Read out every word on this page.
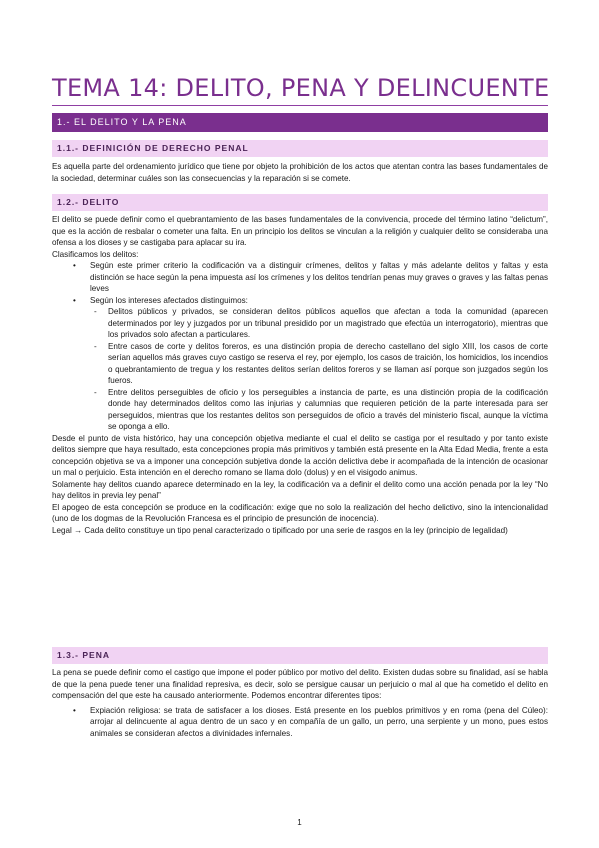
TEMA 14: DELITO, PENA Y DELINCUENTE
1.- EL DELITO Y LA PENA
1.1.- DEFINICIÓN DE DERECHO PENAL

Es aquella parte del ordenamiento jurídico que tiene por objeto la prohibición de los actos que atentan contra las bases fundamentales de la sociedad, determinar cuáles son las consecuencias y la reparación si se comete.

1.2.- DELITO

El delito se puede definir como el quebrantamiento de las bases fundamentales de la convivencia, procede del término latino “delictum”, que es la acción de resbalar o cometer una falta. En un principio los delitos se vinculan a la religión y cualquier delito se consideraba una ofensa a los dioses y se castigaba para aplacar su ira.

Clasificamos los delitos:

• Según este primer criterio la codificación va a distinguir crímenes, delitos y faltas y más adelante delitos y faltas y esta distinción se hace según la pena impuesta así los crímenes y los delitos tendrían penas muy graves o graves y las faltas penas leves

• Según los intereses afectados distinguimos:

- Delitos públicos y privados, se consideran delitos públicos aquellos que afectan a toda la comunidad (aparecen determinados por ley y juzgados por un tribunal presidido por un magistrado que efectúa un interrogatorio), mientras que los privados solo afectan a particulares.

- Entre casos de corte y delitos foreros, es una distinción propia de derecho castellano del siglo XIII, los casos de corte serían aquellos más graves cuyo castigo se reserva el rey, por ejemplo, los casos de traición, los homicidios, los incendios o quebrantamiento de tregua y los restantes delitos serían delitos foreros y se llaman así porque son juzgados según los fueros.

- Entre delitos perseguibles de oficio y los perseguibles a instancia de parte, es una distinción propia de la codificación donde hay determinados delitos como las injurias y calumnias que requieren petición de la parte interesada para ser perseguidos, mientras que los restantes delitos son perseguidos de oficio a través del ministerio fiscal, aunque la víctima se oponga a ello.

Desde el punto de vista histórico, hay una concepción objetiva mediante el cual el delito se castiga por el resultado y por tanto existe delitos siempre que haya resultado, esta concepciones propia más primitivos y también está presente en la Alta Edad Media, frente a esta concepción objetiva se va a imponer una concepción subjetiva donde la acción delictiva debe ir acompañada de la intención de ocasionar un mal o perjuicio. Esta intención en el derecho romano se llama dolo (dolus) y en el visigodo animus.

Solamente hay delitos cuando aparece determinado en la ley, la codificación va a definir el delito como una acción penada por la ley “No hay delitos in previa ley penal”

El apogeo de esta concepción se produce en la codificación: exige que no solo la realización del hecho delictivo, sino la intencionalidad (uno de los dogmas de la Revolución Francesa es el principio de presunción de inocencia).

Legal → Cada delito constituye un tipo penal caracterizado o tipificado por una serie de rasgos en la ley (principio de legalidad)

1.3.- PENA

La pena se puede definir como el castigo que impone el poder público por motivo del delito. Existen dudas sobre su finalidad, así se habla de que la pena puede tener una finalidad represiva, es decir, solo se persigue causar un perjuicio o mal al que ha cometido el delito en compensación del que este ha causado anteriormente. Podemos encontrar diferentes tipos:

• Expiación religiosa: se trata de satisfacer a los dioses. Está presente en los pueblos primitivos y en roma (pena del Cúleo): arrojar al delincuente al agua dentro de un saco y en compañía de un gallo, un perro, una serpiente y un mono, pues estos animales se consideran afectos a divinidades infernales.

1
